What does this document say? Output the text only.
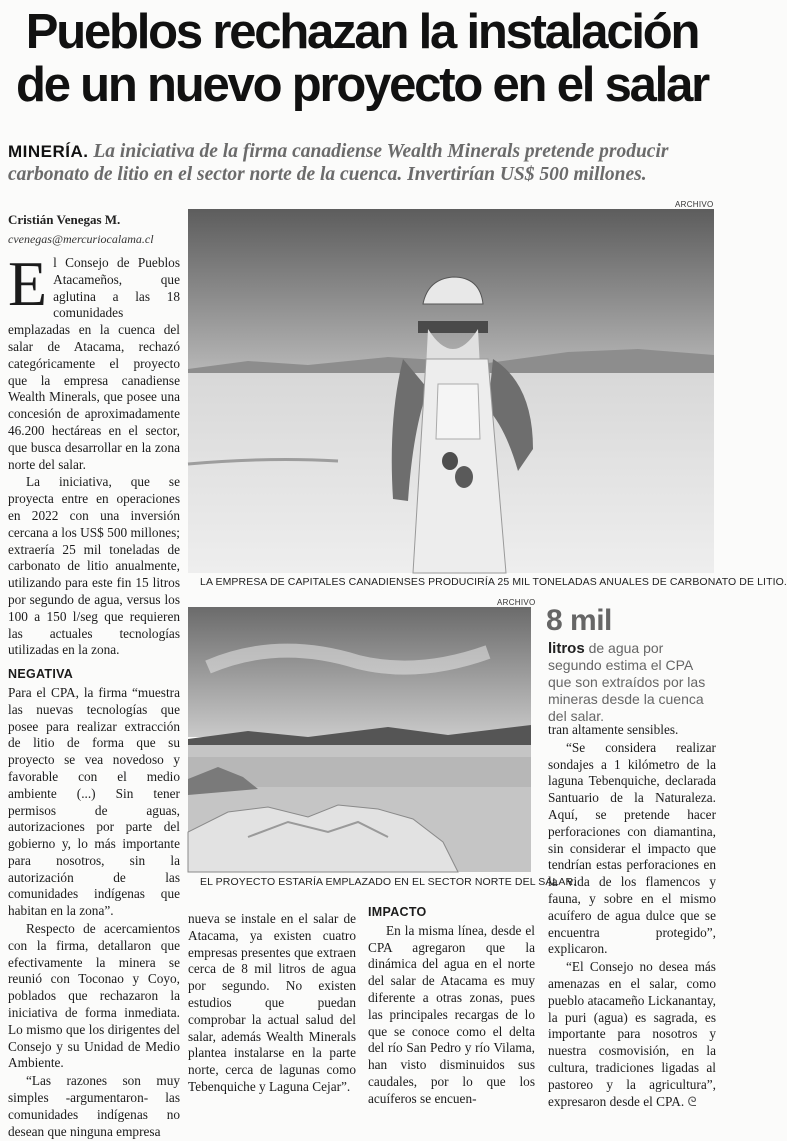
Pueblos rechazan la instalación
de un nuevo proyecto en el salar
MINERÍA. La iniciativa de la firma canadiense Wealth Minerals pretende producir carbonato de litio en el sector norte de la cuenca. Invertirían US$ 500 millones.
Cristián Venegas M.
cvenegas@mercuriocalama.cl

El Consejo de Pueblos Atacameños, que aglutina a las 18 comunidades emplazadas en la cuenca del salar de Atacama, rechazó categóricamente el proyecto que la empresa canadiense Wealth Minerals, que posee una concesión de aproximadamente 46.200 hectáreas en el sector, que busca desarrollar en la zona norte del salar.

La iniciativa, que se proyecta entre en operaciones en 2022 con una inversión cercana a los US$ 500 millones; extraería 25 mil toneladas de carbonato de litio anualmente, utilizando para este fin 15 litros por segundo de agua, versus los 100 a 150 l/seg que requieren las actuales tecnologías utilizadas en la zona.

NEGATIVA

Para el CPA, la firma “muestra las nuevas tecnologías que posee para realizar extracción de litio de forma que su proyecto se vea novedoso y favorable con el medio ambiente (...) Sin tener permisos de aguas, autorizaciones por parte del gobierno y, lo más importante para nosotros, sin la autorización de las comunidades indígenas que habitan en la zona”.

Respecto de acercamientos con la firma, detallaron que efectivamente la minera se reunió con Toconao y Coyo, poblados que rechazaron la iniciativa de forma inmediata. Lo mismo que los dirigentes del Consejo y su Unidad de Medio Ambiente.

“Las razones son muy simples -argumentaron- las comunidades indígenas no desean que ninguna empresa

ARCHIVO
LA EMPRESA DE CAPITALES CANADIENSES PRODUCIRÍA 25 MIL TONELADAS ANUALES DE CARBONATO DE LITIO.
ARCHIVO
EL PROYECTO ESTARÍA EMPLAZADO EN EL SECTOR NORTE DEL SALAR.
8 mil
litros de agua por segundo estima el CPA que son extraídos por las mineras desde la cuenca del salar.

nueva se instale en el salar de Atacama, ya existen cuatro empresas presentes que extraen cerca de 8 mil litros de agua por segundo. No existen estudios que puedan comprobar la actual salud del salar, además Wealth Minerals plantea instalarse en la parte norte, cerca de lagunas como Tebenquiche y Laguna Cejar”.

IMPACTO

En la misma línea, desde el CPA agregaron que la dinámica del agua en el norte del salar de Atacama es muy diferente a otras zonas, pues las principales recargas de lo que se conoce como el delta del río San Pedro y río Vilama, han visto disminuidos sus caudales, por lo que los acuíferos se encuen-

tran altamente sensibles.

“Se considera realizar sondajes a 1 kilómetro de la laguna Tebenquiche, declarada Santuario de la Naturaleza. Aquí, se pretende hacer perforaciones con diamantina, sin considerar el impacto que tendrían estas perforaciones en la vida de los flamencos y fauna, y sobre en el mismo acuífero de agua dulce que se encuentra protegido”, explicaron.

“El Consejo no desea más amenazas en el salar, como pueblo atacameño Lickanantay, la puri (agua) es sagrada, es importante para nosotros y nuestra cosmovisión, en la cultura, tradiciones ligadas al pastoreo y la agricultura”, expresaron desde el CPA. ᘓ
